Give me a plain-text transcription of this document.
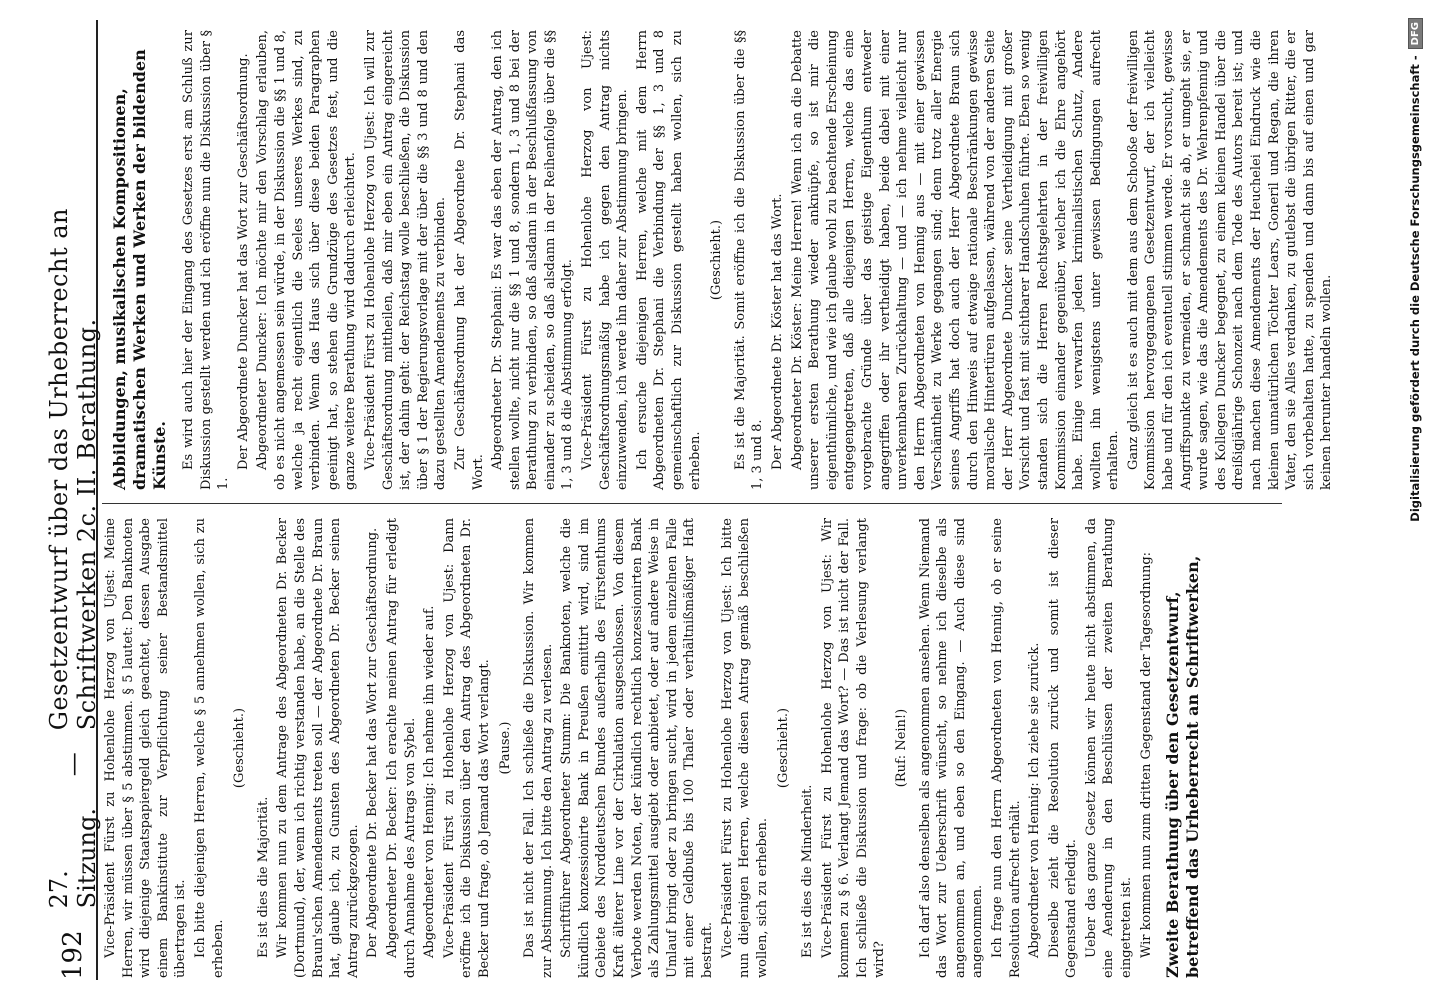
192
27. Sitzung.
—
Gesetzentwurf über das Urheberrecht an Schriftwerken 2c. II. Berathung. Vice-Präsident Fürst zu Hohenlohe Herzog von Ujest: Meine Herren, wir müssen über § 5 abstimmen. § 5 lautet: Den Banknoten wird diejenige Staatspapiergeld gleich geachtet, dessen Ausgabe einem Bankinstitute zur Verpflichtung seiner Bestandsmittel übertragen ist. Ich bitte diejenigen Herren, welche § 5 annehmen wollen, sich zu erheben.

(Geschieht.)

Es ist dies die Majorität. Wir kommen nun zu dem Antrage des Abgeordneten Dr. Becker (Dortmund), der, wenn ich richtig verstanden habe, an die Stelle des Braun'schen Amendements treten soll — der Abgeordnete Dr. Braun hat, glaube ich, zu Gunsten des Abgeordneten Dr. Becker seinen Antrag zurückgezogen. Der Abgeordnete Dr. Becker hat das Wort zur Geschäftsordnung. Abgeordneter Dr. Becker: Ich erachte meinen Antrag für erledigt durch Annahme des Antrags von Sybel. Abgeordneter von Hennig: Ich nehme ihn wieder auf. Vice-Präsident Fürst zu Hohenlohe Herzog von Ujest: Dann eröffne ich die Diskussion über den Antrag des Abgeordneten Dr. Becker und frage, ob Jemand das Wort verlangt. (Pause.) Das ist nicht der Fall. Ich schließe die Diskussion. Wir kommen zur Abstimmung. Ich bitte den Antrag zu verlesen. Schriftführer Abgeordneter Stumm: Die Banknoten, welche die kündlich konzessionirte Bank in Preußen emittirt wird, sind im Gebiete des Norddeutschen Bundes außerhalb des Fürstenthums Kraft älterer Line vor der Cirkulation ausgeschlossen. Von diesem Verbote werden Noten, der kündlich rechtlich konzessionirten Bank als Zahlungsmittel ausgiebt oder anbietet, oder auf andere Weise in Umlauf bringt oder zu bringen sucht, wird in jedem einzelnen Falle mit einer Geldbuße bis 100 Thaler oder verhältnißmäßiger Haft bestraft. Vice-Präsident Fürst zu Hohenlohe Herzog von Ujest: Ich bitte nun diejenigen Herren, welche diesen Antrag gemäß beschließen wollen, sich zu erheben.

(Geschieht.)

Es ist dies die Minderheit. Vice-Präsident Fürst zu Hohenlohe Herzog von Ujest: Wir kommen zu § 6. Verlangt Jemand das Wort? — Das ist nicht der Fall. Ich schließe die Diskussion und frage: ob die Verlesung verlangt wird?

(Ruf: Nein!) Ich darf also denselben als angenommen ansehen. Wenn Niemand das Wort zur Ueberschrift wünscht, so nehme ich dieselbe als angenommen an, und eben so den Eingang. — Auch diese sind angenommen. Ich frage nun den Herrn Abgeordneten von Hennig, ob er seine Resolution aufrecht erhält. Abgeordneter von Hennig: Ich ziehe sie zurück. Dieselbe zieht die Resolution zurück und somit ist dieser Gegenstand erledigt. Ueber das ganze Gesetz können wir heute nicht abstimmen, da eine Aenderung in den Beschlüssen der zweiten Berathung eingetreten ist. Wir kommen nun zum dritten Gegenstand der Tagesordnung: Zweite Berathung über den Gesetzentwurf, betreffend das Urheberrecht an Schriftwerken,

Abbildungen, musikalischen Kompositionen, dramatischen Werken und Werken der bildenden Künste. Es wird auch hier der Eingang des Gesetzes erst am Schluß zur Diskussion gestellt werden und ich eröffne nun die Diskussion über § 1.

Der Abgeordnete Duncker hat das Wort zur Geschäftsordnung. Abgeordneter Duncker: Ich möchte mir den Vorschlag erlauben, ob es nicht angemessen sein würde, in der Diskussion die §§ 1 und 8, welche ja recht eigentlich die Seeles unseres Werkes sind, zu verbinden. Wenn das Haus sich über diese beiden Paragraphen geeinigt hat, so stehen die Grundzüge des Gesetzes fest, und die ganze weitere Berathung wird dadurch erleichtert. Vice-Präsident Fürst zu Hohenlohe Herzog von Ujest: Ich will zur Geschäftsordnung mittheilen, daß mir eben ein Antrag eingereicht ist, der dahin geht: der Reichstag wolle beschließen, die Diskussion über § 1 der Regierungsvorlage mit der über die §§ 3 und 8 und den dazu gestellten Amendements zu verbinden. Zur Geschäftsordnung hat der Abgeordnete Dr. Stephani das Wort.

Abgeordneter Dr. Stephani: Es war das eben der Antrag, den ich stellen wollte, nicht nur die §§ 1 und 8, sondern 1, 3 und 8 bei der Berathung zu verbinden, so daß alsdann in der Beschlußfassung von einander zu scheiden, so daß alsdann in der Reihenfolge über die §§ 1, 3 und 8 die Abstimmung erfolgt. Vice-Präsident Fürst zu Hohenlohe Herzog von Ujest: Geschäftsordnungsmäßig habe ich gegen den Antrag nichts einzuwenden, ich werde ihn daher zur Abstimmung bringen. Ich ersuche diejenigen Herren, welche mit dem Herrn Abgeordneten Dr. Stephani die Verbindung der §§ 1, 3 und 8 gemeinschaftlich zur Diskussion gestellt haben wollen, sich zu erheben.

(Geschieht.) Es ist die Majorität. Somit eröffne ich die Diskussion über die §§ 1, 3 und 8. Der Abgeordnete Dr. Köster hat das Wort. Abgeordneter Dr. Köster: Meine Herren! Wenn ich an die Debatte unserer ersten Berathung wieder anknüpfe, so ist mir die eigenthümliche, und wie ich glaube wohl zu beachtende Erscheinung entgegengetreten, daß alle diejenigen Herren, welche das eine vorgebrachte Gründe über das geistige Eigenthum entweder angegriffen oder ihr vertheidigt haben, beide dabei mit einer unverkennbaren Zurückhaltung — und — ich nehme vielleicht nur den Herrn Abgeordneten von Hennig aus — mit einer gewissen Verschämtheit zu Werke gegangen sind; denn trotz aller Energie seines Angriffs hat doch auch der Herr Abgeordnete Braun sich durch den Hinweis auf etwaige rationale Beschränkungen gewisse moralische Hintertüren aufgelassen, während von der anderen Seite der Herr Abgeordnete Duncker seine Vertheidigung mit großer Vorsicht und fast mit sichtbarer Handschuhen führte. Eben so wenig standen sich die Herren Rechtsgelehrten in der freiwilligen Kommission einander gegenüber, welcher ich die Ehre angehört habe. Einige verwarfen jeden kriminalistischen Schutz, Andere wollten ihn wenigstens unter gewissen Bedingungen aufrecht erhalten. Ganz gleich ist es auch mit dem aus dem Schooße der freiwilligen Kommission hervorgegangenen Gesetzentwurf, der ich vielleicht habe und für den ich eventuell stimmen werde. Er vorsucht, gewisse Angriffspunkte zu vermeiden, er schmacht sie ab, er umgeht sie, er wurde sagen, wie das die Amendements des Dr. Wehrenpfennig und des Kollegen Duncker begegnet, zu einem kleinen Handel über die dreißigjährige Schonzeit nach dem Tode des Autors bereit ist; und nach machen diese Amendements der Heuchelei Eindruck wie die kleinen unnatürlichen Töchter Lears, Goneril und Regan, die ihren Vater, den sie Alles verdanken, zu gutlebst die übrigen Ritter, die er sich vorbehalten hatte, zu spenden und dann bis auf einen und gar keinen herunter handeln wollen.	Digitalisierung gefördert durch die Deutsche Forschungsgemeinschaft -
DFG
